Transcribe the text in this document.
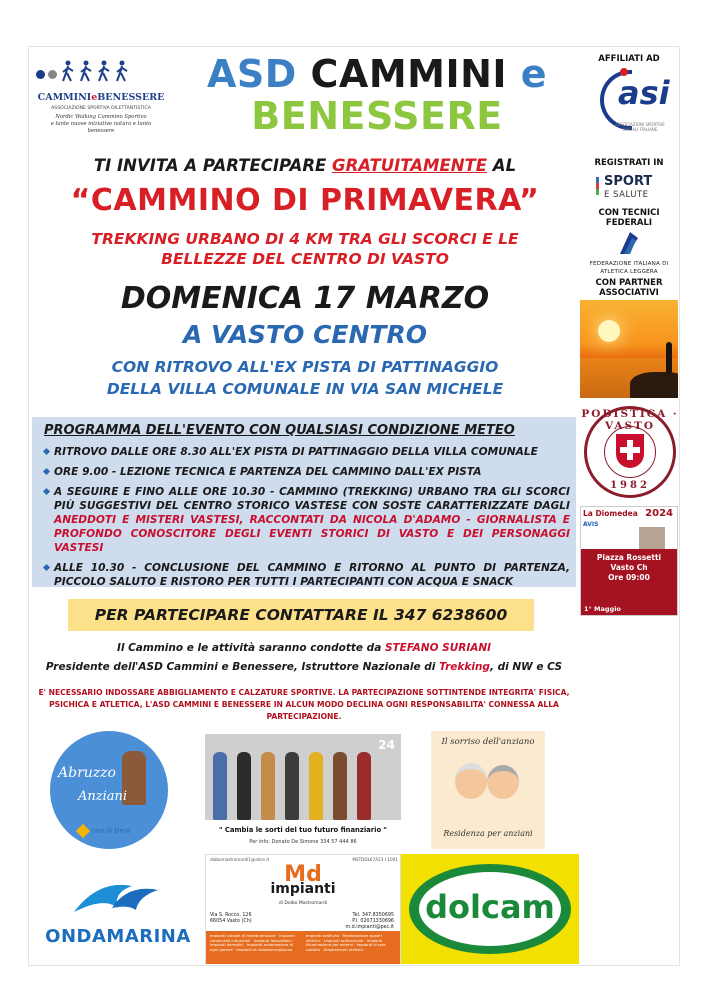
CAMMINIeBENESSERE
ASSOCIAZIONE SPORTIVA DILETTANTISTICA
Nordic Walking Cammino Sportivo
e tante nuove iniziative natura e tanto benessere
ASD CAMMINI e
BENESSERE
AFFILIATI AD
asi
ASSOCIAZIONI SPORTIVE SOCIALI ITALIANE
REGISTRATI IN
SPORT
E SALUTE
CON TECNICI FEDERALI
FEDERAZIONE ITALIANA DI ATLETICA LEGGERA
CON PARTNER ASSOCIATIVI
PODISTICA · VASTO
1982
La Diomedea 2024
AVIS
Piazza Rossetti
Vasto Ch
Ore 09:00
1° Maggio
TI INVITA A PARTECIPARE GRATUITAMENTE AL
“CAMMINO DI PRIMAVERA”
TREKKING URBANO DI 4 KM TRA GLI SCORCI E LE
BELLEZZE DEL CENTRO DI VASTO
DOMENICA 17 MARZO
A VASTO CENTRO
CON RITROVO ALL'EX PISTA DI PATTINAGGIO
DELLA VILLA COMUNALE IN VIA SAN MICHELE
PROGRAMMA DELL'EVENTO CON QUALSIASI CONDIZIONE METEO
RITROVO DALLE ORE 8.30 ALL'EX PISTA DI PATTINAGGIO DELLA VILLA COMUNALE
ORE 9.00 - LEZIONE TECNICA E PARTENZA DEL CAMMINO DALL'EX PISTA
A SEGUIRE E FINO ALLE ORE 10.30 - CAMMINO (TREKKING) URBANO TRA GLI SCORCI PIÙ SUGGESTIVI DEL CENTRO STORICO VASTESE CON SOSTE CARATTERIZZATE DAGLI ANEDDOTI E MISTERI VASTESI, RACCONTATI DA NICOLA D'ADAMO - GIORNALISTA E PROFONDO CONOSCITORE DEGLI EVENTI STORICI DI VASTO E DEI PERSONAGGI VASTESI
ALLE 10.30 - CONCLUSIONE DEL CAMMINO E RITORNO AL PUNTO DI PARTENZA, PICCOLO SALUTO E RISTORO PER TUTTI I PARTECIPANTI CON ACQUA E SNACK
PER PARTECIPARE CONTATTARE IL 347 6238600
Il Cammino e le attività saranno condotte da STEFANO SURIANI
Presidente dell'ASD Cammini e Benessere, Istruttore Nazionale di Trekking, di NW e CS
E' NECESSARIO INDOSSARE ABBIGLIAMENTO E CALZATURE SPORTIVE. LA PARTECIPAZIONE SOTTINTENDE INTEGRITA' FISICA, PSICHICA E ATLETICA, L'ASD CAMMINI E BENESSERE IN ALCUN MODO DECLINA OGNI RESPONSABILITA' CONNESSA ALLA PARTECIPAZIONE.
Abruzzo
Anziani
casa di Elena
ONDAMARINA
24
" Cambia le sorti del tuo futuro finanziario "
Per info: Donato De Simone 334 57 444 86
Il sorriso dell'anziano
Residenza per anziani
dalbomastromardi1@alice.it	MSTDDL67A23 I 1001
Md
impianti
di Dolbo Mastromardi
Via S. Rocco, 126
66054 Vasto (Ch)
Tel. 347.8350695
P.I. 02071330696
m.d.impianti@pec.it
Impianti caldaie di media tensione · Impianti canalizzati industriali · Impianti fotovoltaici · Impianti domotici · Impianti automazione di ogni genere · Impianti di videosorveglianza
Impianti antifurto · Realizzazione quadri elettrici · Impianti antincendio · Impianti illuminazione per esterni · Impianti di rete cablata · Ampliamenti elettrici
dolcam
